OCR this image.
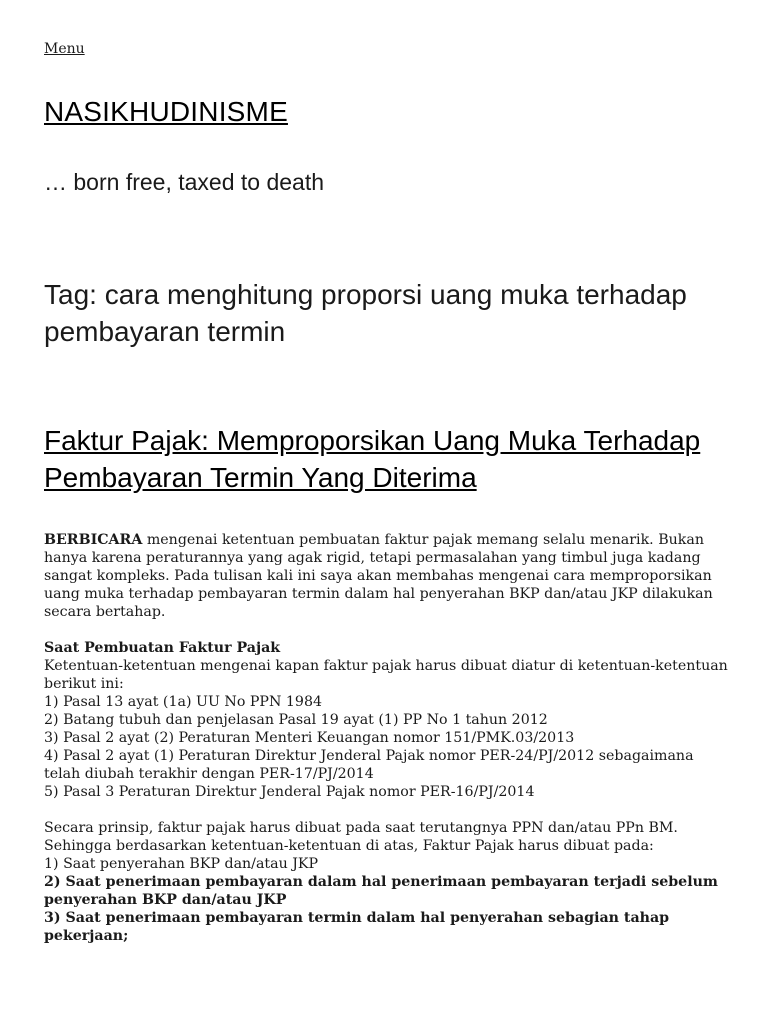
Menu
NASIKHUDINISME
… born free, taxed to death
Tag: cara menghitung proporsi uang muka terhadap pembayaran termin
Faktur Pajak: Memproporsikan Uang Muka Terhadap Pembayaran Termin Yang Diterima

BERBICARA mengenai ketentuan pembuatan faktur pajak memang selalu menarik. Bukan hanya karena peraturannya yang agak rigid, tetapi permasalahan yang timbul juga kadang sangat kompleks. Pada tulisan kali ini saya akan membahas mengenai cara memproporsikan uang muka terhadap pembayaran termin dalam hal penyerahan BKP dan/atau JKP dilakukan secara bertahap.

Saat Pembuatan Faktur Pajak
Ketentuan-ketentuan mengenai kapan faktur pajak harus dibuat diatur di ketentuan-ketentuan berikut ini:
1) Pasal 13 ayat (1a) UU No PPN 1984
2) Batang tubuh dan penjelasan Pasal 19 ayat (1) PP No 1 tahun 2012
3) Pasal 2 ayat (2) Peraturan Menteri Keuangan nomor 151/PMK.03/2013
4) Pasal 2 ayat (1) Peraturan Direktur Jenderal Pajak nomor PER-24/PJ/2012 sebagaimana telah diubah terakhir dengan PER-17/PJ/2014
5) Pasal 3 Peraturan Direktur Jenderal Pajak nomor PER-16/PJ/2014

Secara prinsip, faktur pajak harus dibuat pada saat terutangnya PPN dan/atau PPn BM. Sehingga berdasarkan ketentuan-ketentuan di atas, Faktur Pajak harus dibuat pada:
1) Saat penyerahan BKP dan/atau JKP
2) Saat penerimaan pembayaran dalam hal penerimaan pembayaran terjadi sebelum penyerahan BKP dan/atau JKP
3) Saat penerimaan pembayaran termin dalam hal penyerahan sebagian tahap pekerjaan;
